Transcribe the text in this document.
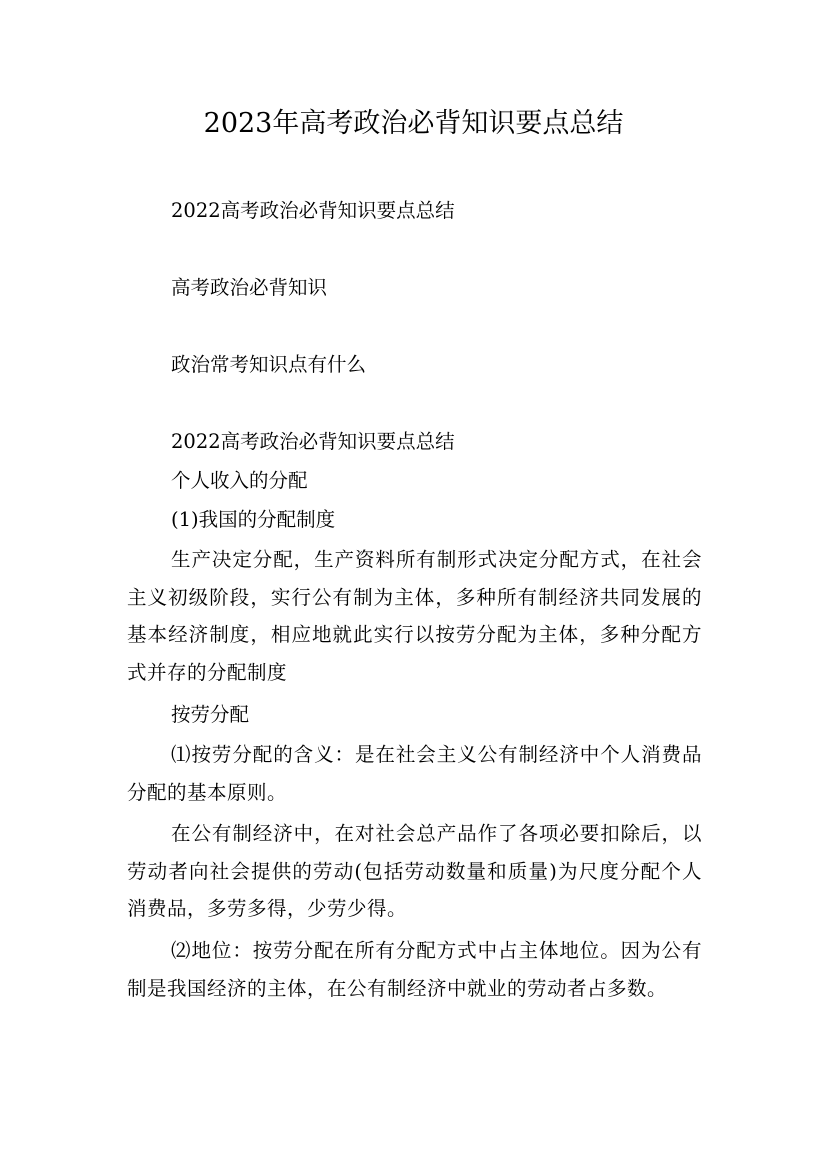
2023年高考政治必背知识要点总结
2022高考政治必背知识要点总结
高考政治必背知识
政治常考知识点有什么
2022高考政治必背知识要点总结
个人收入的分配
(1)我国的分配制度
生产决定分配，生产资料所有制形式决定分配方式，在社会主义初级阶段，实行公有制为主体，多种所有制经济共同发展的基本经济制度，相应地就此实行以按劳分配为主体，多种分配方式并存的分配制度
按劳分配
⑴按劳分配的含义：是在社会主义公有制经济中个人消费品分配的基本原则。
在公有制经济中，在对社会总产品作了各项必要扣除后，以劳动者向社会提供的劳动(包括劳动数量和质量)为尺度分配个人消费品，多劳多得，少劳少得。
⑵地位：按劳分配在所有分配方式中占主体地位。因为公有制是我国经济的主体，在公有制经济中就业的劳动者占多数。
